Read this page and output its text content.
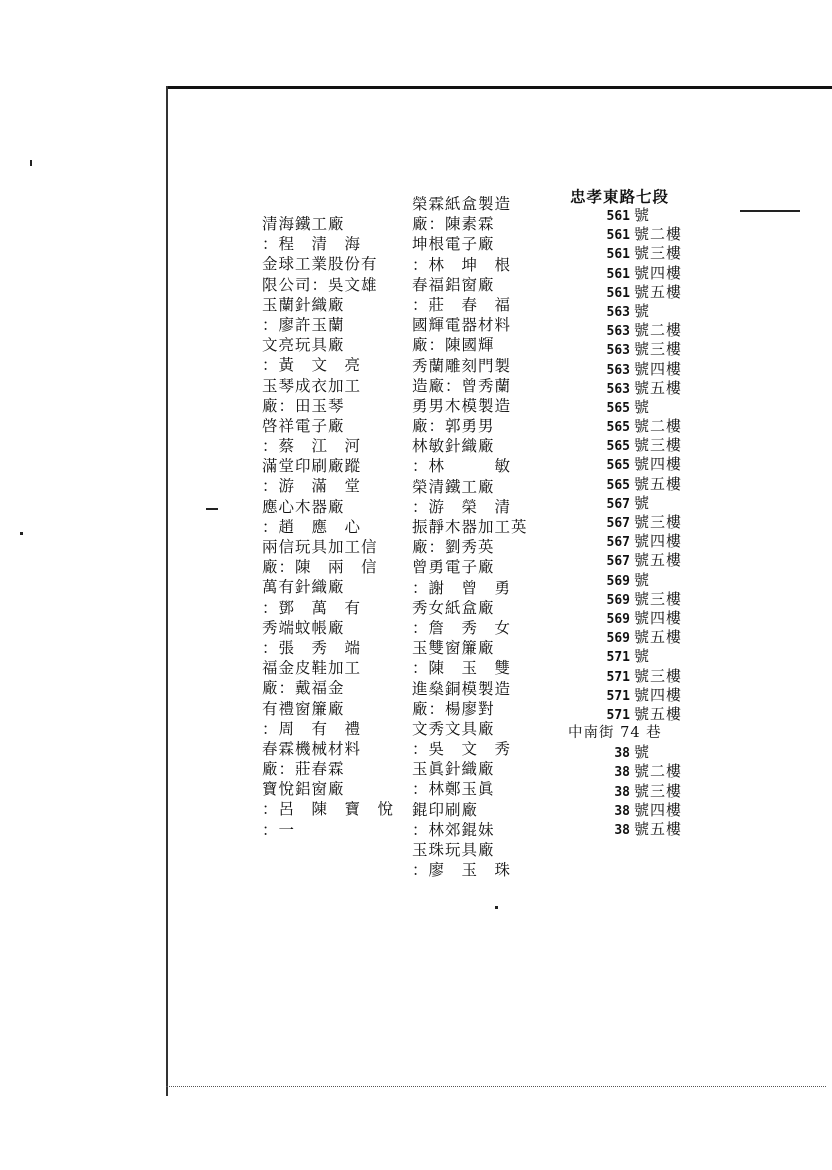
清海鐵工廠
：程　清　海
金球工業股份有
限公司：吳文雄
玉蘭針織廠
：廖許玉蘭
文亮玩具廠
：黃　文　亮
玉琴成衣加工
廠：田玉琴
啓祥電子廠
：蔡　江　河
滿堂印刷廠蹤
：游　滿　堂
應心木器廠
：趙　應　心
兩信玩具加工信
廠：陳　兩　信
萬有針織廠
：鄧　萬　有
秀端蚊帳廠
：張　秀　端
福金皮鞋加工
廠：戴福金
有禮窗簾廠
：周　有　禮
春霖機械材料
廠：莊春霖
寶悅鋁窗廠
：呂　陳　寶　悅
：一
榮霖紙盒製造
廠：陳素霖
坤根電子廠
：林　坤　根
春福鋁窗廠
：莊　春　福
國輝電器材料
廠：陳國輝
秀蘭雕刻門製
造廠：曾秀蘭
勇男木模製造
廠：郭勇男
林敏針織廠
：林　　　敏
榮清鐵工廠
：游　榮　清
振靜木器加工英
廠：劉秀英
曾勇電子廠
：謝　曾　勇
秀女紙盒廠
：詹　秀　女
玉雙窗簾廠
：陳　玉　雙
進燊銅模製造
廠：楊廖對
文秀文具廠
：吳　文　秀
玉眞針織廠
：林鄭玉眞
錕印刷廠
：林郊錕妹
玉珠玩具廠
：廖　玉　珠
忠孝東路七段
561 號
561 號二樓
561 號三樓
561 號四樓
561 號五樓
563 號
563 號二樓
563 號三樓
563 號四樓
563 號五樓
565 號
565 號二樓
565 號三樓
565 號四樓
565 號五樓
567 號
567 號三樓
567 號四樓
567 號五樓
569 號
569 號三樓
569 號四樓
569 號五樓
571 號
571 號三樓
571 號四樓
571 號五樓
中南街 74 巷
38 號
38 號二樓
38 號三樓
38 號四樓
38 號五樓
